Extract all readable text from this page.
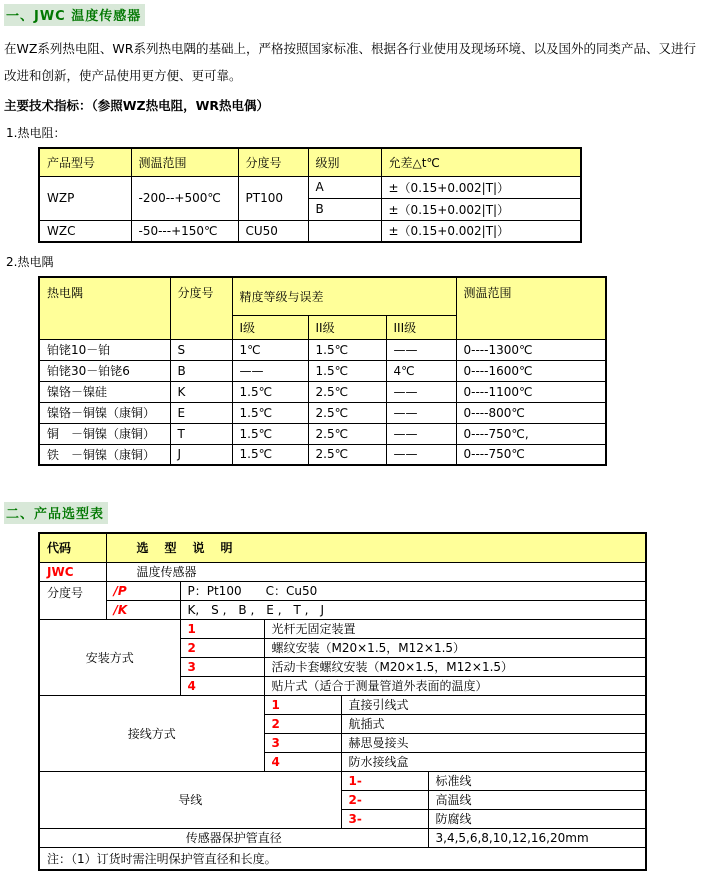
一、JWC 温度传感器

在WZ系列热电阻、WR系列热电隅的基础上，严格按照国家标准、根据各行业使用及现场环境、以及国外的同类产品、又进行改进和创新，使产品使用更方便、更可靠。

主要技术指标：（参照WZ热电阻，WR热电偶）
1.热电阻：
产品型号	测温范围	分度号	级别	允差△t℃
WZP	-200--+500℃	PT100	A	±（0.15+0.002|T|）
			B	±（0.15+0.002|T|）
WZC	-50---+150℃	CU50		±（0.15+0.002|T|）
2.热电隅
热电隅	分度号	精度等级与误差			测温范围
		I级	II级	III级	
铂铑10－铂	S	1℃	1.5℃	——	0----1300℃
铂铑30－铂铑6	B	——	1.5℃	4℃	0----1600℃
镍铬－镍硅	K	1.5℃	2.5℃	——	0----1100℃
镍铬－铜镍（康铜）	E	1.5℃	2.5℃	——	0----800℃
铜　－铜镍（康铜）	T	1.5℃	2.5℃	——	0----750℃,
铁　－铜镍（康铜）	J	1.5℃	2.5℃	——	0----750℃
二、产品选型表
代码	选　型　说　明				
JWC	温度传感器				
分度号	/P	P：Pt100　　C：Cu50			
	/K	K,　S ,　B ,　E ,　T ,　J			
安装方式		1	光杆无固定装置		
		2	螺纹安装（M20×1.5，M12×1.5）		
		3	活动卡套螺纹安装（M20×1.5，M12×1.5）		
		4	贴片式（适合于测量管道外表面的温度）		
接线方式			1	直接引线式	
			2	航插式	
			3	赫思曼接头	
			4	防水接线盒	
导线				1-	标准线
				2-	高温线
				3-	防腐线
传感器保护管直径					3,4,5,6,8,10,12,16,20mm
注：（1）订货时需注明保护管直径和长度。					
